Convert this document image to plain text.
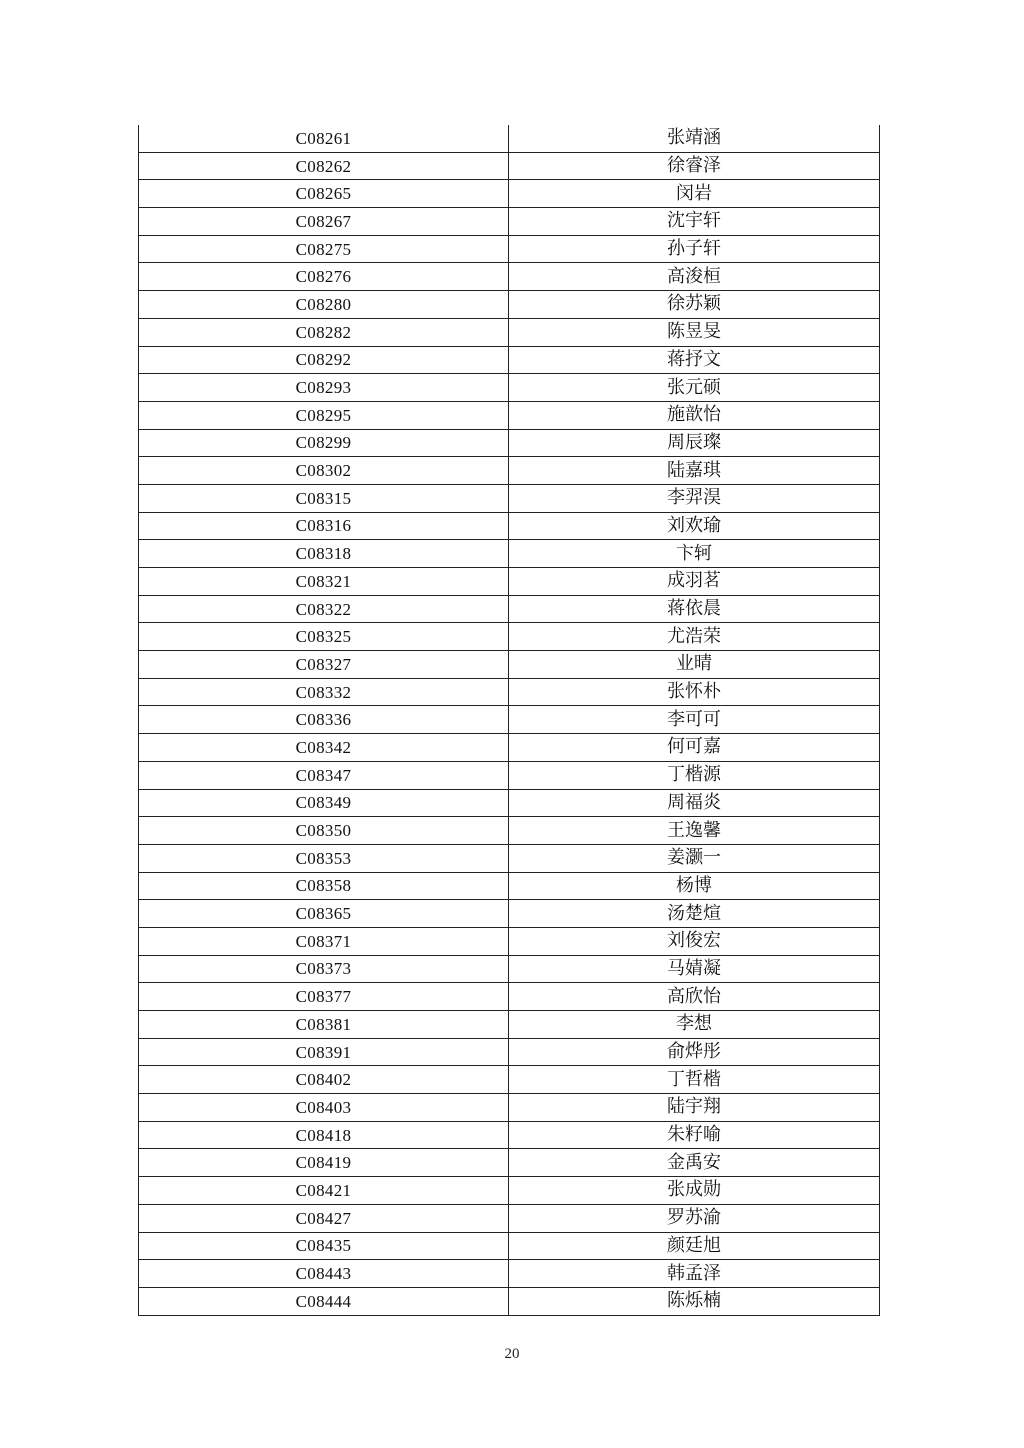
C08261	张靖涵
C08262	徐睿泽
C08265	闵岩
C08267	沈宇轩
C08275	孙子轩
C08276	高浚桓
C08280	徐苏颖
C08282	陈昱旻
C08292	蒋抒文
C08293	张元硕
C08295	施歆怡
C08299	周辰璨
C08302	陆嘉琪
C08315	李羿淏
C08316	刘欢瑜
C08318	卞轲
C08321	成羽茗
C08322	蒋依晨
C08325	尤浩荣
C08327	业晴
C08332	张怀朴
C08336	李可可
C08342	何可嘉
C08347	丁楷源
C08349	周福炎
C08350	王逸馨
C08353	姜灏一
C08358	杨博
C08365	汤楚煊
C08371	刘俊宏
C08373	马婧凝
C08377	高欣怡
C08381	李想
C08391	俞烨彤
C08402	丁哲楷
C08403	陆宇翔
C08418	朱籽喻
C08419	金禹安
C08421	张成勋
C08427	罗苏渝
C08435	颜廷旭
C08443	韩孟泽
C08444	陈烁楠
20
